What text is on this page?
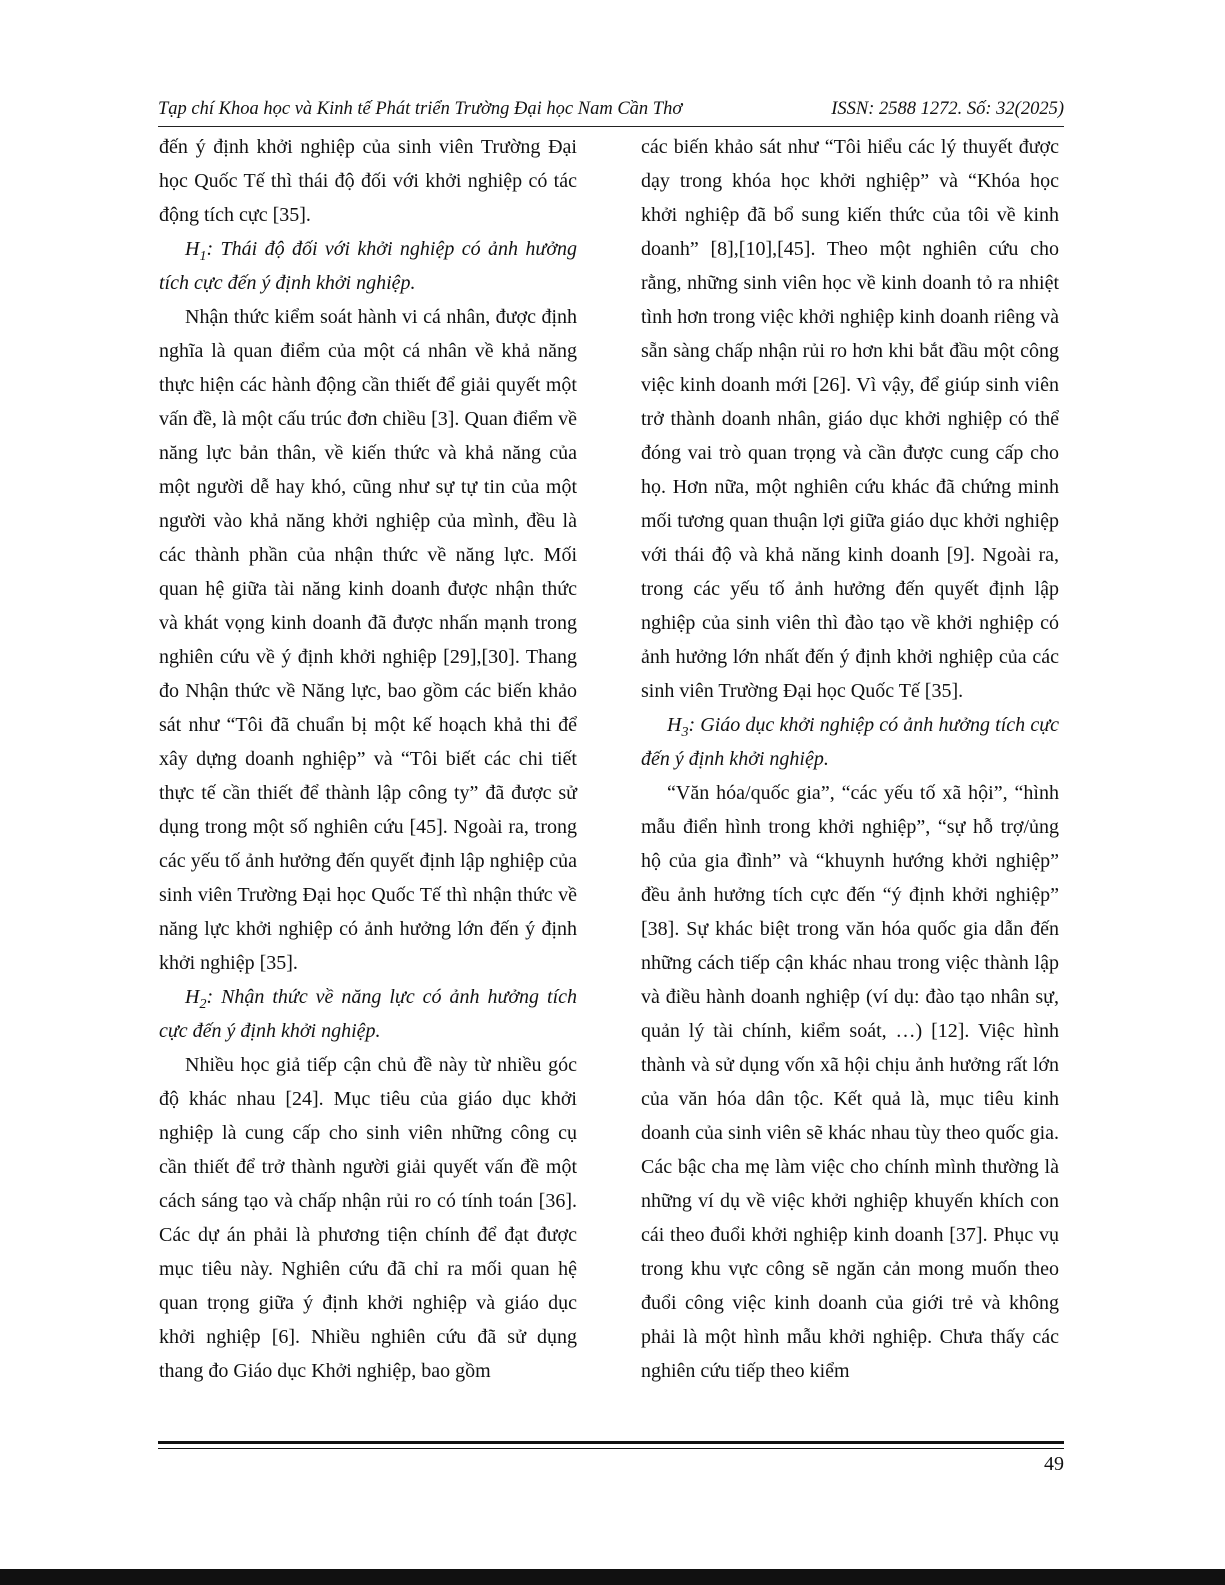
Tạp chí Khoa học và Kinh tế Phát triển Trường Đại học Nam Cần Thơ	ISSN: 2588 1272. Số: 32(2025)

đến ý định khởi nghiệp của sinh viên Trường Đại học Quốc Tế thì thái độ đối với khởi nghiệp có tác động tích cực [35].

$H_1$: Thái độ đối với khởi nghiệp có ảnh hưởng tích cực đến ý định khởi nghiệp.

Nhận thức kiểm soát hành vi cá nhân, được định nghĩa là quan điểm của một cá nhân về khả năng thực hiện các hành động cần thiết để giải quyết một vấn đề, là một cấu trúc đơn chiều [3]. Quan điểm về năng lực bản thân, về kiến thức và khả năng của một người dễ hay khó, cũng như sự tự tin của một người vào khả năng khởi nghiệp của mình, đều là các thành phần của nhận thức về năng lực. Mối quan hệ giữa tài năng kinh doanh được nhận thức và khát vọng kinh doanh đã được nhấn mạnh trong nghiên cứu về ý định khởi nghiệp [29],[30]. Thang đo Nhận thức về Năng lực, bao gồm các biến khảo sát như “Tôi đã chuẩn bị một kế hoạch khả thi để xây dựng doanh nghiệp” và “Tôi biết các chi tiết thực tế cần thiết để thành lập công ty” đã được sử dụng trong một số nghiên cứu [45]. Ngoài ra, trong các yếu tố ảnh hưởng đến quyết định lập nghiệp của sinh viên Trường Đại học Quốc Tế thì nhận thức về năng lực khởi nghiệp có ảnh hưởng lớn đến ý định khởi nghiệp [35].

$H_2$: Nhận thức về năng lực có ảnh hưởng tích cực đến ý định khởi nghiệp.

Nhiều học giả tiếp cận chủ đề này từ nhiều góc độ khác nhau [24]. Mục tiêu của giáo dục khởi nghiệp là cung cấp cho sinh viên những công cụ cần thiết để trở thành người giải quyết vấn đề một cách sáng tạo và chấp nhận rủi ro có tính toán [36]. Các dự án phải là phương tiện chính để đạt được mục tiêu này. Nghiên cứu đã chỉ ra mối quan hệ quan trọng giữa ý định khởi nghiệp và giáo dục khởi nghiệp [6]. Nhiều nghiên cứu đã sử dụng thang đo Giáo dục Khởi nghiệp, bao gồm

các biến khảo sát như “Tôi hiểu các lý thuyết được dạy trong khóa học khởi nghiệp” và “Khóa học khởi nghiệp đã bổ sung kiến thức của tôi về kinh doanh” [8],[10],[45]. Theo một nghiên cứu cho rằng, những sinh viên học về kinh doanh tỏ ra nhiệt tình hơn trong việc khởi nghiệp kinh doanh riêng và sẵn sàng chấp nhận rủi ro hơn khi bắt đầu một công việc kinh doanh mới [26]. Vì vậy, để giúp sinh viên trở thành doanh nhân, giáo dục khởi nghiệp có thể đóng vai trò quan trọng và cần được cung cấp cho họ. Hơn nữa, một nghiên cứu khác đã chứng minh mối tương quan thuận lợi giữa giáo dục khởi nghiệp với thái độ và khả năng kinh doanh [9]. Ngoài ra, trong các yếu tố ảnh hưởng đến quyết định lập nghiệp của sinh viên thì đào tạo về khởi nghiệp có ảnh hưởng lớn nhất đến ý định khởi nghiệp của các sinh viên Trường Đại học Quốc Tế [35].

$H_3$: Giáo dục khởi nghiệp có ảnh hưởng tích cực đến ý định khởi nghiệp.

“Văn hóa/quốc gia”, “các yếu tố xã hội”, “hình mẫu điển hình trong khởi nghiệp”, “sự hỗ trợ/ủng hộ của gia đình” và “khuynh hướng khởi nghiệp” đều ảnh hưởng tích cực đến “ý định khởi nghiệp” [38]. Sự khác biệt trong văn hóa quốc gia dẫn đến những cách tiếp cận khác nhau trong việc thành lập và điều hành doanh nghiệp (ví dụ: đào tạo nhân sự, quản lý tài chính, kiểm soát, …) [12]. Việc hình thành và sử dụng vốn xã hội chịu ảnh hưởng rất lớn của văn hóa dân tộc. Kết quả là, mục tiêu kinh doanh của sinh viên sẽ khác nhau tùy theo quốc gia. Các bậc cha mẹ làm việc cho chính mình thường là những ví dụ về việc khởi nghiệp khuyến khích con cái theo đuổi khởi nghiệp kinh doanh [37]. Phục vụ trong khu vực công sẽ ngăn cản mong muốn theo đuổi công việc kinh doanh của giới trẻ và không phải là một hình mẫu khởi nghiệp. Chưa thấy các nghiên cứu tiếp theo kiểm

49
